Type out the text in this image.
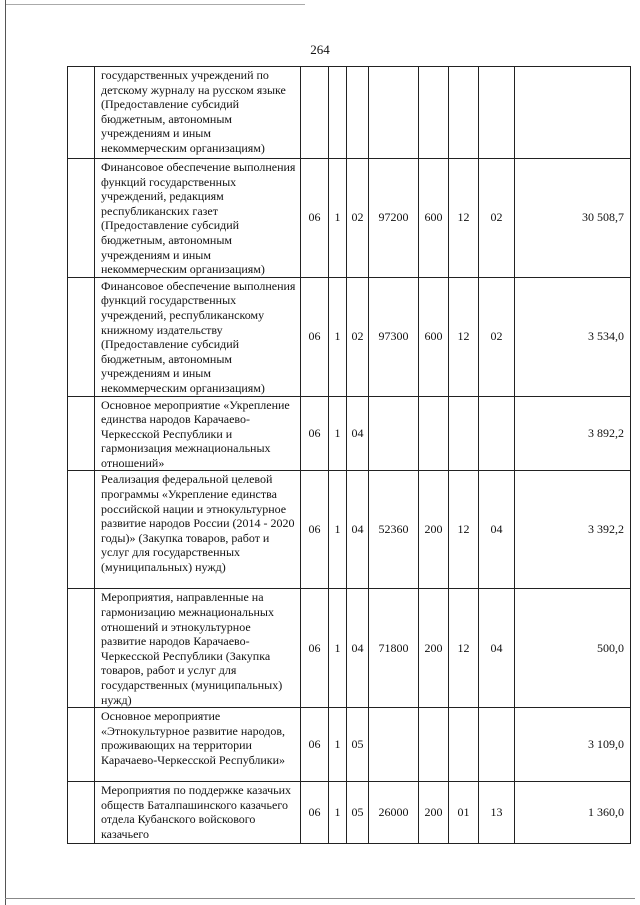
264
	государственных учреждений по детскому журналу на русском языке (Предоставление субсидий бюджетным, автономным учреждениям и иным некоммерческим организациям)								
	Финансовое обеспечение выполнения функций государственных учреждений, редакциям республиканских газет (Предоставление субсидий бюджетным, автономным учреждениям и иным некоммерческим организациям)	06	1	02	97200	600	12	02	30 508,7
	Финансовое обеспечение выполнения функций государственных учреждений, республиканскому книжному издательству (Предоставление субсидий бюджетным, автономным учреждениям и иным некоммерческим организациям)	06	1	02	97300	600	12	02	3 534,0
	Основное мероприятие «Укрепление единства народов Карачаево-Черкесской Республики и гармонизация межнациональных отношений»	06	1	04					3 892,2
	Реализация федеральной целевой программы «Укрепление единства российской нации и этнокультурное развитие народов России (2014 - 2020 годы)» (Закупка товаров, работ и услуг для государственных (муниципальных) нужд)	06	1	04	52360	200	12	04	3 392,2
	Мероприятия, направленные на гармонизацию межнациональных отношений и этнокультурное развитие народов Карачаево-Черкесской Республики (Закупка товаров, работ и услуг для государственных (муниципальных) нужд)	06	1	04	71800	200	12	04	500,0
	Основное мероприятие «Этнокультурное развитие народов, проживающих на территории Карачаево-Черкесской Республики»	06	1	05					3 109,0
	Мероприятия по поддержке казачьих обществ Баталпашинского казачьего отдела Кубанского войскового казачьего	06	1	05	26000	200	01	13	1 360,0
